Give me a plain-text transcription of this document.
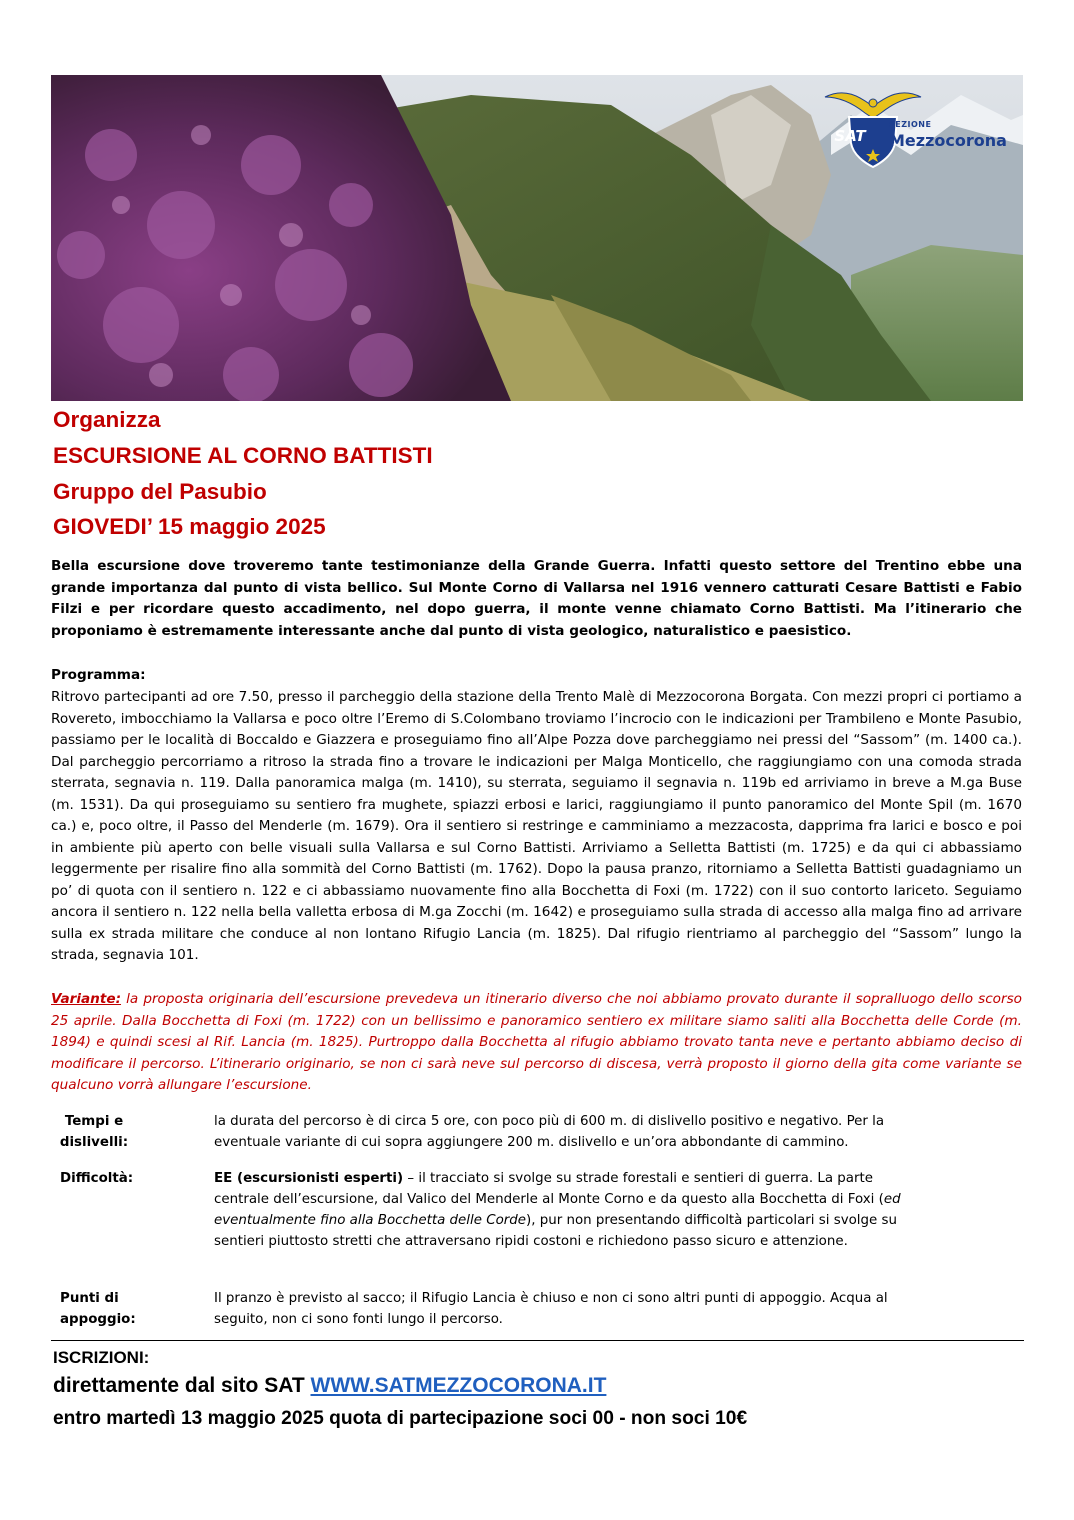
SAT
SEZIONE
Mezzocorona
Organizza
ESCURSIONE AL CORNO BATTISTI
Gruppo del Pasubio
GIOVEDI’ 15 maggio 2025
Bella escursione dove troveremo tante testimonianze della Grande Guerra. Infatti questo settore del Trentino ebbe una grande importanza dal punto di vista bellico. Sul Monte Corno di Vallarsa nel 1916 vennero catturati Cesare Battisti e Fabio Filzi e per ricordare questo accadimento, nel dopo guerra, il monte venne chiamato Corno Battisti. Ma l’itinerario che proponiamo è estremamente interessante anche dal punto di vista geologico, naturalistico e paesistico.
Programma:
Ritrovo partecipanti ad ore 7.50, presso il parcheggio della stazione della Trento Malè di Mezzocorona Borgata. Con mezzi propri ci portiamo a Rovereto, imbocchiamo la Vallarsa e poco oltre l’Eremo di S.Colombano troviamo l’incrocio con le indicazioni per Trambileno e Monte Pasubio, passiamo per le località di Boccaldo e Giazzera e proseguiamo fino all’Alpe Pozza dove parcheggiamo nei pressi del “Sassom” (m. 1400 ca.). Dal parcheggio percorriamo a ritroso la strada fino a trovare le indicazioni per Malga Monticello, che raggiungiamo con una comoda strada sterrata, segnavia n. 119. Dalla panoramica malga (m. 1410), su sterrata, seguiamo il segnavia n. 119b ed arriviamo in breve a M.ga Buse (m. 1531). Da qui proseguiamo su sentiero fra mughete, spiazzi erbosi e larici, raggiungiamo il punto panoramico del Monte Spil (m. 1670 ca.) e, poco oltre, il Passo del Menderle (m. 1679). Ora il sentiero si restringe e camminiamo a mezzacosta, dapprima fra larici e bosco e poi in ambiente più aperto con belle visuali sulla Vallarsa e sul Corno Battisti. Arriviamo a Selletta Battisti (m. 1725) e da qui ci abbassiamo leggermente per risalire fino alla sommità del Corno Battisti (m. 1762). Dopo la pausa pranzo, ritorniamo a Selletta Battisti guadagniamo un po’ di quota con il sentiero n. 122 e ci abbassiamo nuovamente fino alla Bocchetta di Foxi (m. 1722) con il suo contorto lariceto. Seguiamo ancora il sentiero n. 122 nella bella valletta erbosa di M.ga Zocchi (m. 1642) e proseguiamo sulla strada di accesso alla malga fino ad arrivare sulla ex strada militare che conduce al non lontano Rifugio Lancia (m. 1825). Dal rifugio rientriamo al parcheggio del “Sassom” lungo la strada, segnavia 101.
Variante: la proposta originaria dell’escursione prevedeva un itinerario diverso che noi abbiamo provato durante il sopralluogo dello scorso 25 aprile. Dalla Bocchetta di Foxi (m. 1722) con un bellissimo e panoramico sentiero ex militare siamo saliti alla Bocchetta delle Corde (m. 1894) e quindi scesi al Rif. Lancia (m. 1825). Purtroppo dalla Bocchetta al rifugio abbiamo trovato tanta neve e pertanto abbiamo deciso di modificare il percorso. L’itinerario originario, se non ci sarà neve sul percorso di discesa, verrà proposto il giorno della gita come variante se qualcuno vorrà allungare l’escursione.
Tempi e
dislivelli:
la durata del percorso è di circa 5 ore, con poco più di 600 m. di dislivello positivo e negativo. Per la eventuale variante di cui sopra aggiungere 200 m. dislivello e un’ora abbondante di cammino.
Difficoltà:	EE (escursionisti esperti) – il tracciato si svolge su strade forestali e sentieri di guerra. La parte centrale dell’escursione, dal Valico del Menderle al Monte Corno e da questo alla Bocchetta di Foxi (ed eventualmente fino alla Bocchetta delle Corde), pur non presentando difficoltà particolari si svolge su sentieri piuttosto stretti che attraversano ripidi costoni e richiedono passo sicuro e attenzione.
Punti di
appoggio:
Il pranzo è previsto al sacco; il Rifugio Lancia è chiuso e non ci sono altri punti di appoggio. Acqua al seguito, non ci sono fonti lungo il percorso.
ISCRIZIONI:
direttamente dal sito SAT WWW.SATMEZZOCORONA.IT
entro martedì 13 maggio 2025 quota di partecipazione soci 00 - non soci 10€
